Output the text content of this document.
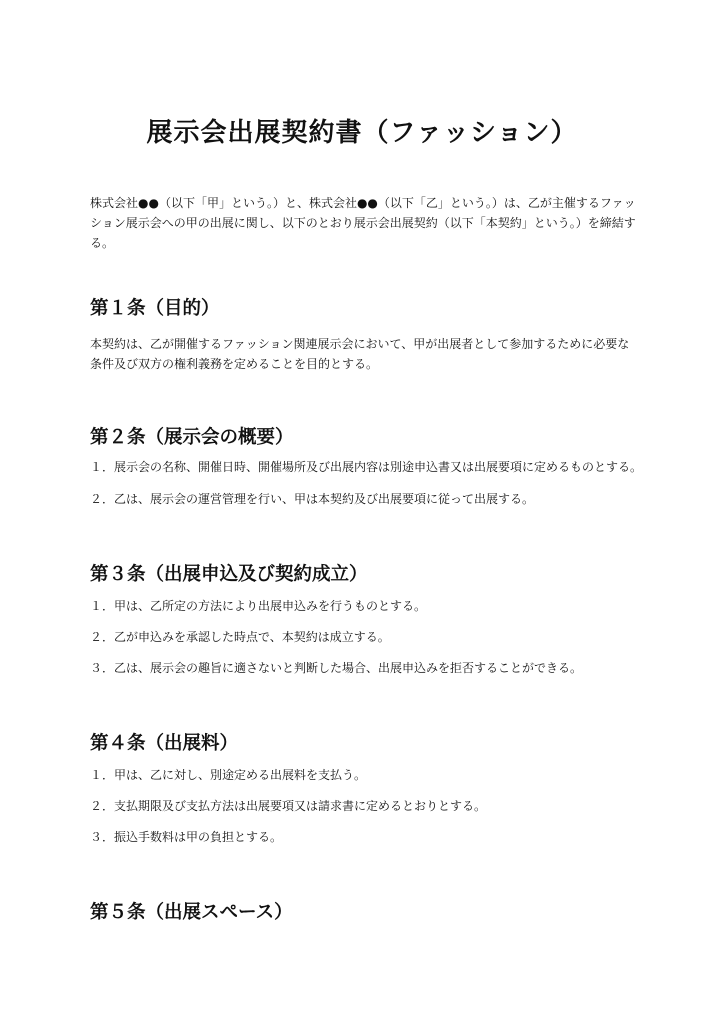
展示会出展契約書（ファッション）

株式会社●●（以下「甲」という。）と、株式会社●●（以下「乙」という。）は、乙が主催するファッション展示会への甲の出展に関し、以下のとおり展示会出展契約（以下「本契約」という。）を締結する。

第１条（目的）

本契約は、乙が開催するファッション関連展示会において、甲が出展者として参加するために必要な条件及び双方の権利義務を定めることを目的とする。

第２条（展示会の概要）

１．展示会の名称、開催日時、開催場所及び出展内容は別途申込書又は出展要項に定めるものとする。

２．乙は、展示会の運営管理を行い、甲は本契約及び出展要項に従って出展する。

第３条（出展申込及び契約成立）

１．甲は、乙所定の方法により出展申込みを行うものとする。

２．乙が申込みを承認した時点で、本契約は成立する。

３．乙は、展示会の趣旨に適さないと判断した場合、出展申込みを拒否することができる。

第４条（出展料）

１．甲は、乙に対し、別途定める出展料を支払う。

２．支払期限及び支払方法は出展要項又は請求書に定めるとおりとする。

３．振込手数料は甲の負担とする。

第５条（出展スペース）
